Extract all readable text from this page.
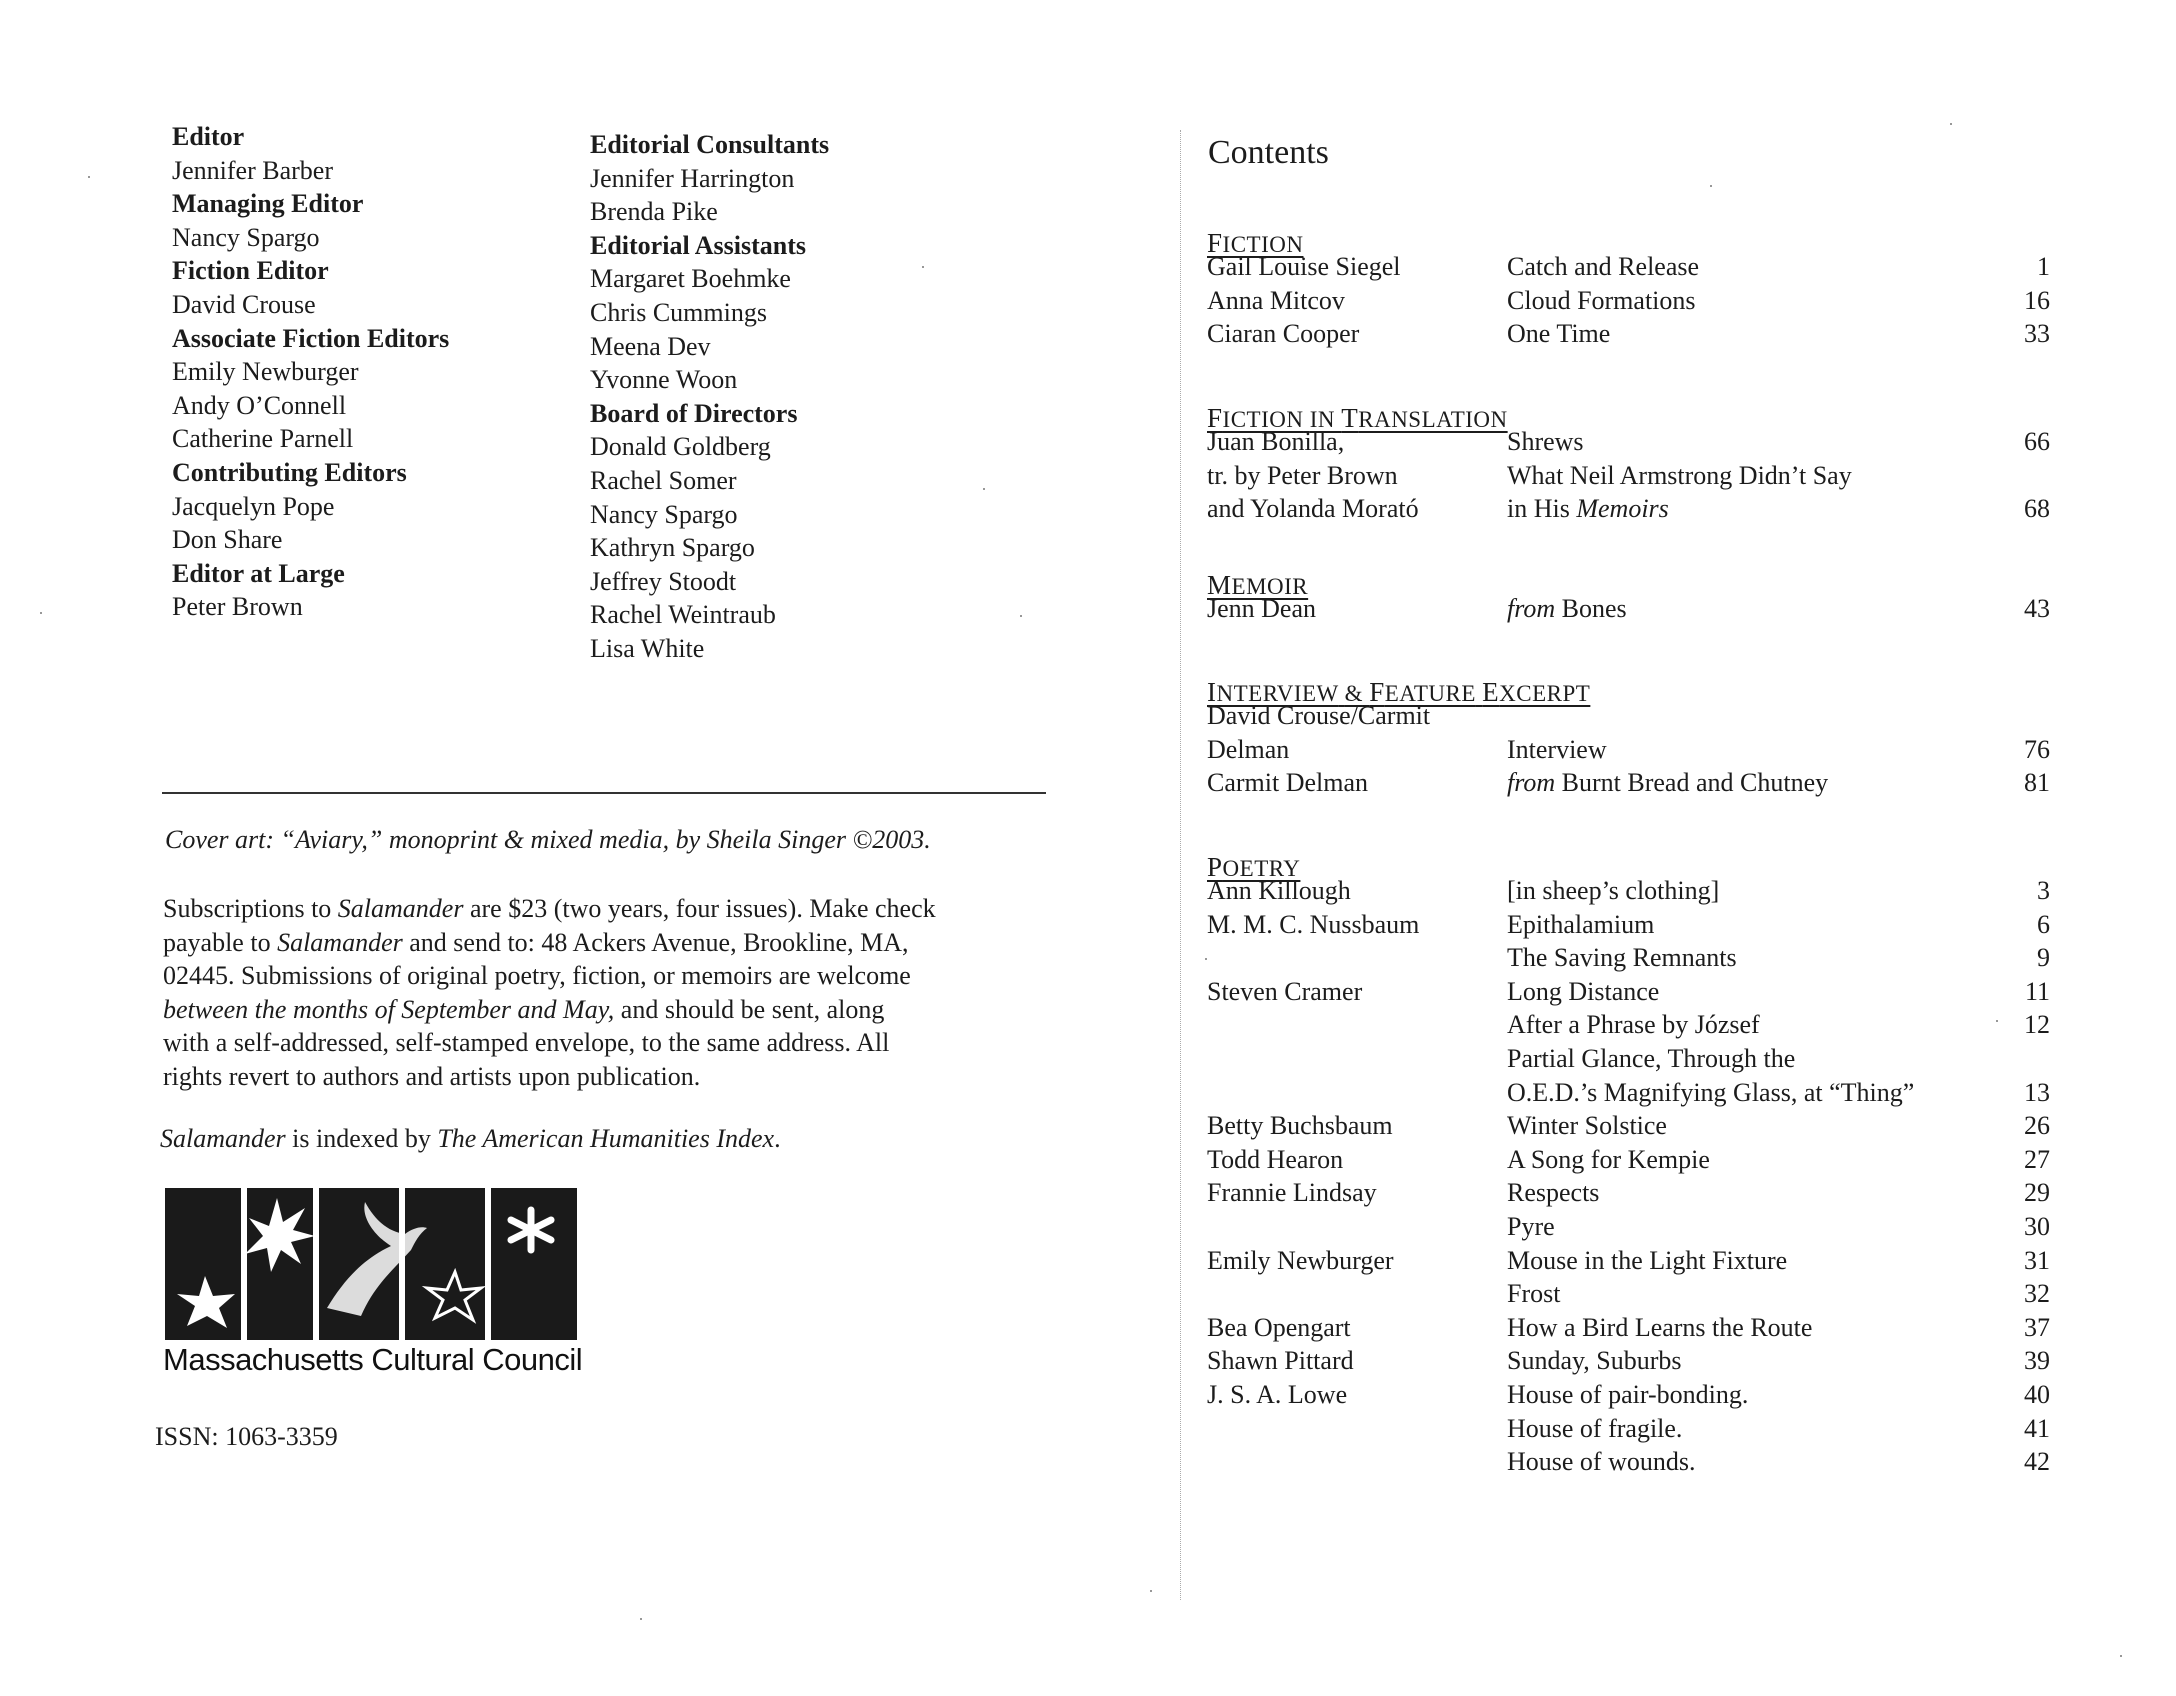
Editor
Jennifer Barber
Managing Editor
Nancy Spargo
Fiction Editor
David Crouse
Associate Fiction Editors
Emily Newburger
Andy O’Connell
Catherine Parnell
Contributing Editors
Jacquelyn Pope
Don Share
Editor at Large
Peter Brown
Editorial Consultants
Jennifer Harrington
Brenda Pike
Editorial Assistants
Margaret Boehmke
Chris Cummings
Meena Dev
Yvonne Woon
Board of Directors
Donald Goldberg
Rachel Somer
Nancy Spargo
Kathryn Spargo
Jeffrey Stoodt
Rachel Weintraub
Lisa White
Cover art: “Aviary,” monoprint & mixed media, by Sheila Singer ©2003.
Subscriptions to Salamander are $23 (two years, four issues). Make check
payable to Salamander and send to: 48 Ackers Avenue, Brookline, MA,
02445. Submissions of original poetry, fiction, or memoirs are welcome
between the months of September and May, and should be sent, along
with a self-addressed, self-stamped envelope, to the same address. All
rights revert to authors and artists upon publication.
Salamander is indexed by The American Humanities Index.
Massachusetts Cultural Council
ISSN: 1063-3359
Contents
FICTION
Gail Louise Siegel	Catch and Release	1
Anna Mitcov	Cloud Formations	16
Ciaran Cooper	One Time	33
FICTION IN TRANSLATION
Juan Bonilla,	Shrews	66
tr. by Peter Brown	What Neil Armstrong Didn’t Say
and Yolanda Morató	in His Memoirs	68
MEMOIR
Jenn Dean	from Bones	43
INTERVIEW & FEATURE EXCERPT
David Crouse/Carmit
Delman	Interview	76
Carmit Delman	from Burnt Bread and Chutney	81
POETRY
Ann Killough	[in sheep’s clothing]	3
M. M. C. Nussbaum	Epithalamium	6
The Saving Remnants	9
Steven Cramer	Long Distance	11
After a Phrase by József	12
Partial Glance, Through the
O.E.D.’s Magnifying Glass, at “Thing”	13
Betty Buchsbaum	Winter Solstice	26
Todd Hearon	A Song for Kempie	27
Frannie Lindsay	Respects	29
Pyre	30
Emily Newburger	Mouse in the Light Fixture	31
Frost	32
Bea Opengart	How a Bird Learns the Route	37
Shawn Pittard	Sunday, Suburbs	39
J. S. A. Lowe	House of pair-bonding.	40
House of fragile.	41
House of wounds.	42
